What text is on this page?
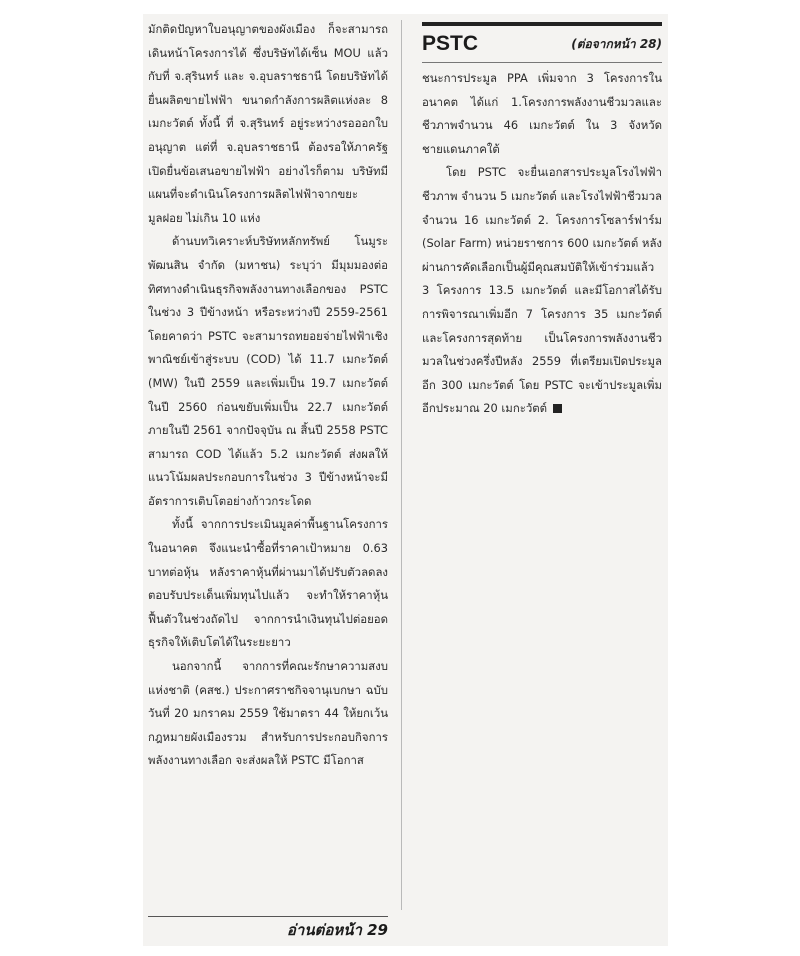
มักติดปัญหาใบอนุญาตของผังเมือง ก็จะสามารถเดินหน้าโครงการได้ ซึ่งบริษัทได้เซ็น MOU แล้วกับที่ จ.สุรินทร์ และ จ.อุบลราชธานี โดยบริษัทได้ยื่นผลิตขายไฟฟ้า ขนาดกำลังการผลิตแห่งละ 8 เมกะวัตต์ ทั้งนี้ ที่ จ.สุรินทร์ อยู่ระหว่างรอออกใบอนุญาต แต่ที่ จ.อุบลราชธานี ต้องรอให้ภาครัฐเปิดยื่นข้อเสนอขายไฟฟ้า อย่างไรก็ตาม บริษัทมีแผนที่จะดำเนินโครงการผลิตไฟฟ้าจากขยะมูลฝอย ไม่เกิน 10 แห่ง

ด้านบทวิเคราะห์บริษัทหลักทรัพย์ โนมูระ พัฒนสิน จำกัด (มหาชน) ระบุว่า มีมุมมองต่อทิศทางดำเนินธุรกิจพลังงานทางเลือกของ PSTC ในช่วง 3 ปีข้างหน้า หรือระหว่างปี 2559-2561 โดยคาดว่า PSTC จะสามารถทยอยจ่ายไฟฟ้าเชิงพาณิชย์เข้าสู่ระบบ (COD) ได้ 11.7 เมกะวัตต์ (MW) ในปี 2559 และเพิ่มเป็น 19.7 เมกะวัตต์ ในปี 2560 ก่อนขยับเพิ่มเป็น 22.7 เมกะวัตต์ภายในปี 2561 จากปัจจุบัน ณ สิ้นปี 2558 PSTC สามารถ COD ได้แล้ว 5.2 เมกะวัตต์ ส่งผลให้แนวโน้มผลประกอบการในช่วง 3 ปีข้างหน้าจะมีอัตราการเติบโตอย่างก้าวกระโดด

ทั้งนี้ จากการประเมินมูลค่าพื้นฐานโครงการในอนาคต จึงแนะนำซื้อที่ราคาเป้าหมาย 0.63 บาทต่อหุ้น หลังราคาหุ้นที่ผ่านมาได้ปรับตัวลดลงตอบรับประเด็นเพิ่มทุนไปแล้ว จะทำให้ราคาหุ้นฟื้นตัวในช่วงถัดไป จากการนำเงินทุนไปต่อยอดธุรกิจให้เติบโตได้ในระยะยาว

นอกจากนี้ จากการที่คณะรักษาความสงบแห่งชาติ (คสช.) ประกาศราชกิจจานุเบกษา ฉบับวันที่ 20 มกราคม 2559 ใช้มาตรา 44 ให้ยกเว้นกฎหมายผังเมืองรวม สำหรับการประกอบกิจการพลังงานทางเลือก จะส่งผลให้ PSTC มีโอกาส

PSTC	(ต่อจากหน้า 28)

ชนะการประมูล PPA เพิ่มจาก 3 โครงการในอนาคต ได้แก่ 1.โครงการพลังงานชีวมวลและชีวภาพจำนวน 46 เมกะวัตต์ ใน 3 จังหวัดชายแดนภาคใต้

โดย PSTC จะยื่นเอกสารประมูลโรงไฟฟ้าชีวภาพ จำนวน 5 เมกะวัตต์ และโรงไฟฟ้าชีวมวล จำนวน 16 เมกะวัตต์ 2. โครงการโซลาร์ฟาร์ม (Solar Farm) หน่วยราชการ 600 เมกะวัตต์ หลังผ่านการคัดเลือกเป็นผู้มีคุณสมบัติให้เข้าร่วมแล้ว 3 โครงการ 13.5 เมกะวัตต์ และมีโอกาสได้รับการพิจารณาเพิ่มอีก 7 โครงการ 35 เมกะวัตต์ และโครงการสุดท้าย เป็นโครงการพลังงานชีวมวลในช่วงครึ่งปีหลัง 2559 ที่เตรียมเปิดประมูลอีก 300 เมกะวัตต์ โดย PSTC จะเข้าประมูลเพิ่มอีกประมาณ 20 เมกะวัตต์

อ่านต่อหน้า 29
